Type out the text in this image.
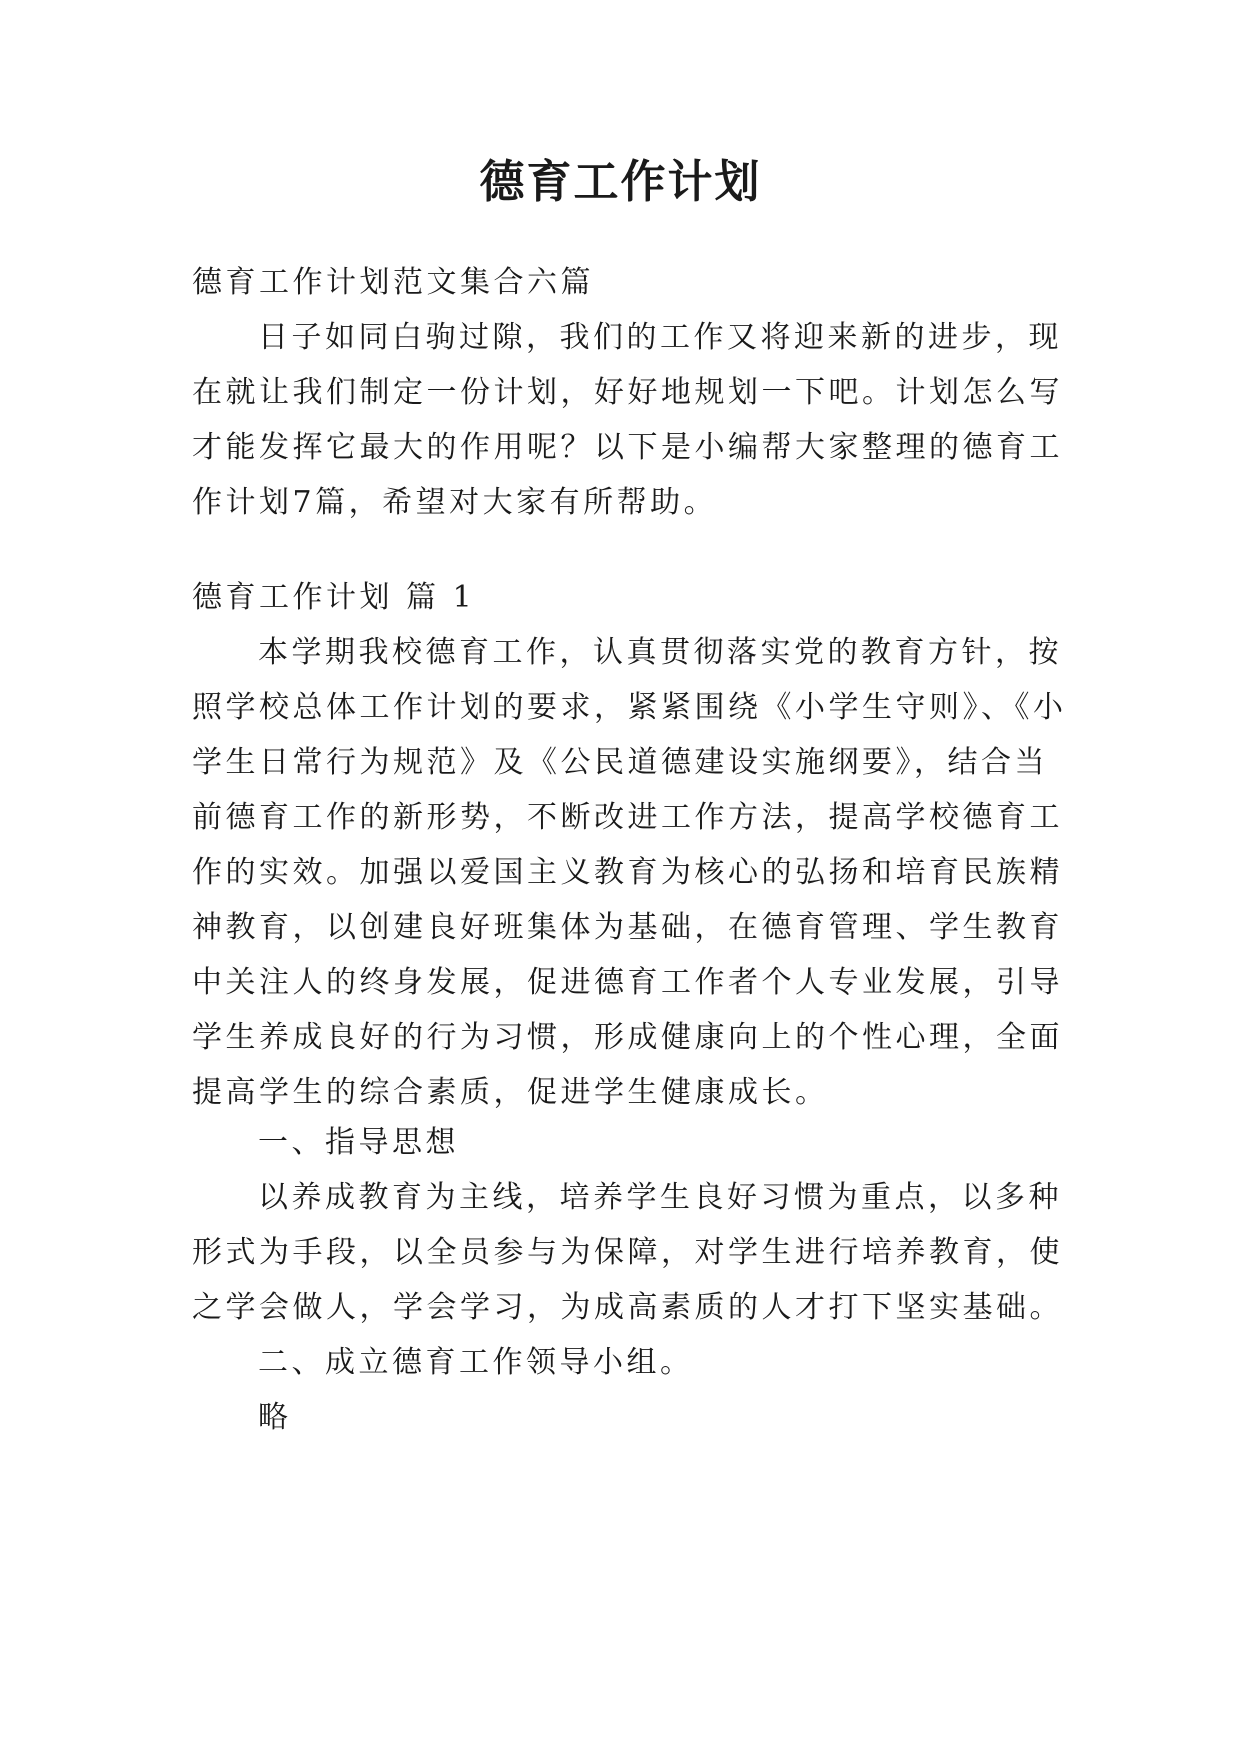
德育工作计划

德育工作计划范文集合六篇

日子如同白驹过隙，我们的工作又将迎来新的进步，现在就让我们制定一份计划，好好地规划一下吧。计划怎么写才能发挥它最大的作用呢？以下是小编帮大家整理的德育工作计划7篇，希望对大家有所帮助。

德育工作计划 篇 1

本学期我校德育工作，认真贯彻落实党的教育方针，按照学校总体工作计划的要求，紧紧围绕《小学生守则》、《小学生日常行为规范》及《公民道德建设实施纲要》，结合当前德育工作的新形势，不断改进工作方法，提高学校德育工作的实效。加强以爱国主义教育为核心的弘扬和培育民族精神教育，以创建良好班集体为基础，在德育管理、学生教育中关注人的终身发展，促进德育工作者个人专业发展，引导学生养成良好的行为习惯，形成健康向上的个性心理，全面提高学生的综合素质，促进学生健康成长。

一、指导思想

以养成教育为主线，培养学生良好习惯为重点，以多种形式为手段，以全员参与为保障，对学生进行培养教育，使之学会做人，学会学习，为成高素质的人才打下坚实基础。

二、成立德育工作领导小组。

略
